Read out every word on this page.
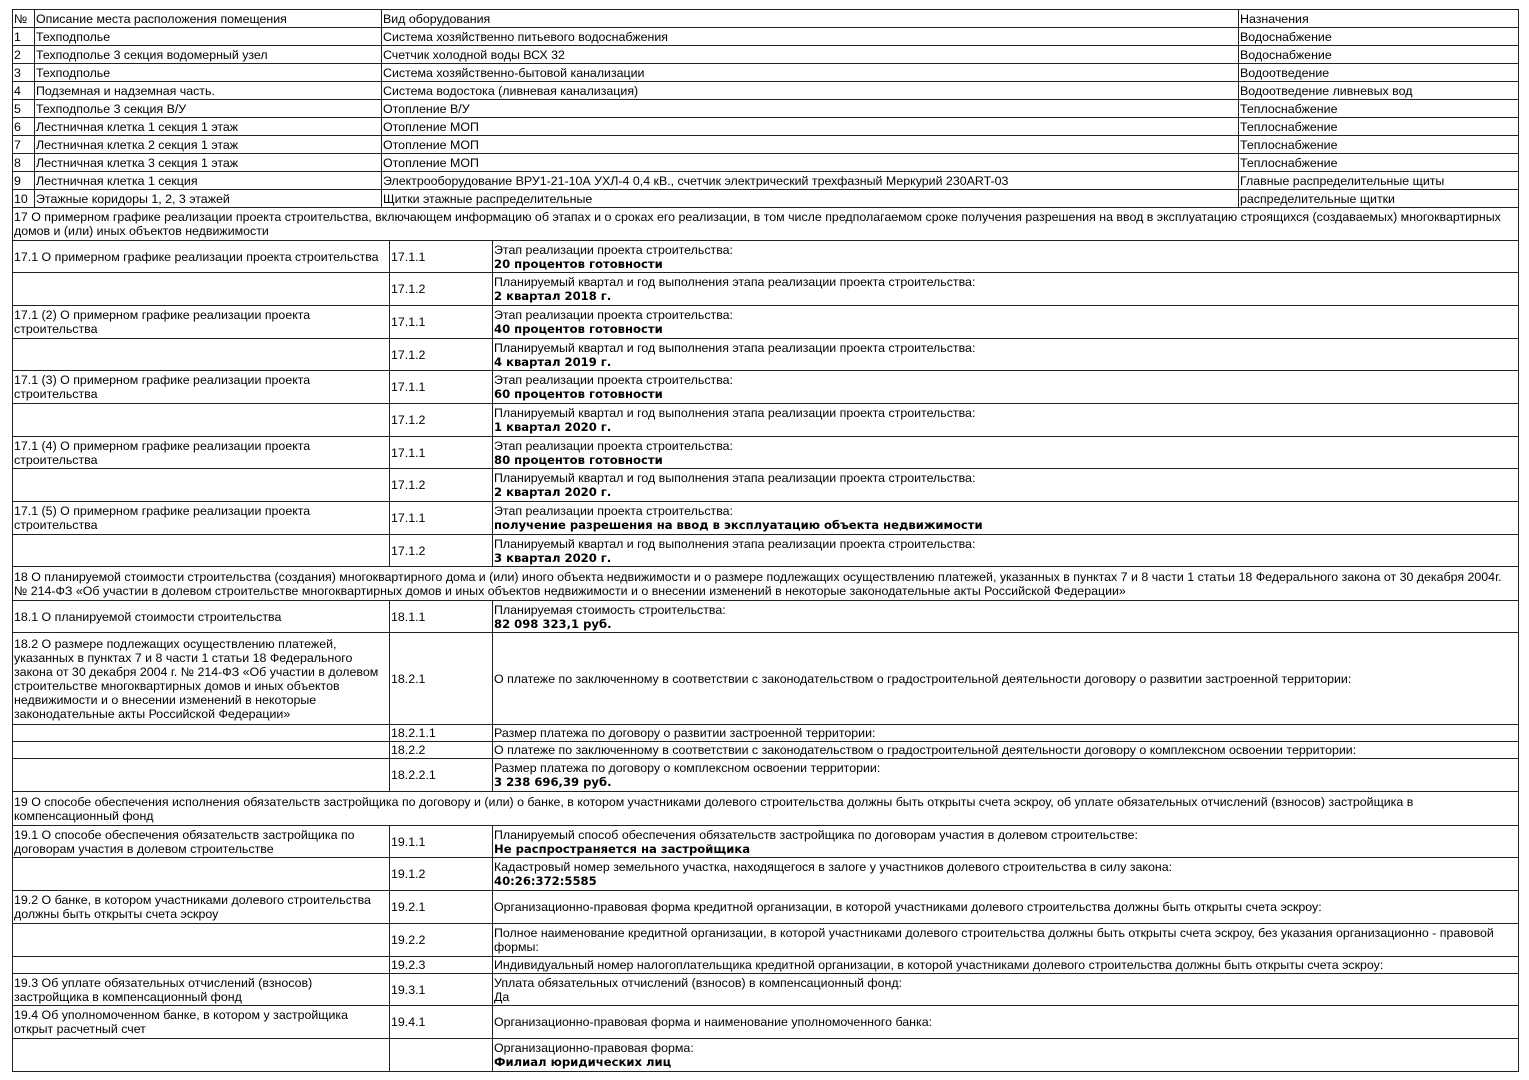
№	Описание места расположения помещения	Вид оборудования	Назначения
1	Техподполье	Система хозяйственно питьевого водоснабжения	Водоснабжение
2	Техподполье 3 секция водомерный узел	Счетчик холодной воды ВСХ 32	Водоснабжение
3	Техподполье	Система хозяйственно-бытовой канализации	Водоотведение
4	Подземная и надземная часть.	Система водостока (ливневая канализация)	Водоотведение ливневых вод
5	Техподполье 3 секция В/У	Отопление В/У	Теплоснабжение
6	Лестничная клетка 1 секция 1 этаж	Отопление МОП	Теплоснабжение
7	Лестничная клетка 2 секция 1 этаж	Отопление МОП	Теплоснабжение
8	Лестничная клетка 3 секция 1 этаж	Отопление МОП	Теплоснабжение
9	Лестничная клетка 1 секция	Электрооборудование ВРУ1-21-10А УХЛ-4 0,4 кВ., счетчик электрический трехфазный Меркурий 230ART-03	Главные распределительные щиты
10	Этажные коридоры 1, 2, 3 этажей	Щитки этажные распределительные	распределительные щитки
17 О примерном графике реализации проекта строительства, включающем информацию об этапах и о сроках его реализации, в том числе предполагаемом сроке получения разрешения на ввод в эксплуатацию строящихся (создаваемых) многоквартирных домов и (или) иных объектов недвижимости		
17.1 О примерном графике реализации проекта строительства	17.1.1	Этап реализации проекта строительства:
20 процентов готовности

	17.1.2	Планируемый квартал и год выполнения этапа реализации проекта строительства:
2 квартал 2018 г.

17.1 (2) О примерном графике реализации проекта строительства	17.1.1	Этап реализации проекта строительства:
40 процентов готовности

	17.1.2	Планируемый квартал и год выполнения этапа реализации проекта строительства:
4 квартал 2019 г.

17.1 (3) О примерном графике реализации проекта строительства	17.1.1	Этап реализации проекта строительства:
60 процентов готовности

	17.1.2	Планируемый квартал и год выполнения этапа реализации проекта строительства:
1 квартал 2020 г.

17.1 (4) О примерном графике реализации проекта строительства	17.1.1	Этап реализации проекта строительства:
80 процентов готовности

	17.1.2	Планируемый квартал и год выполнения этапа реализации проекта строительства:
2 квартал 2020 г.

17.1 (5) О примерном графике реализации проекта строительства	17.1.1	Этап реализации проекта строительства:
получение разрешения на ввод в эксплуатацию объекта недвижимости

	17.1.2	Планируемый квартал и год выполнения этапа реализации проекта строительства:
3 квартал 2020 г.

18 О планируемой стоимости строительства (создания) многоквартирного дома и (или) иного объекта недвижимости и о размере подлежащих осуществлению платежей, указанных в пунктах 7 и 8 части 1 статьи 18 Федерального закона от 30 декабря 2004г. № 214-ФЗ «Об участии в долевом строительстве многоквартирных домов и иных объектов недвижимости и о внесении изменений в некоторые законодательные акты Российской Федерации»		
18.1 О планируемой стоимости строительства	18.1.1	Планируемая стоимость строительства:
82 098 323,1 руб.

18.2 О размере подлежащих осуществлению платежей, указанных в пунктах 7 и 8 части 1 статьи 18 Федерального закона от 30 декабря 2004 г. № 214-ФЗ «Об участии в долевом строительстве многоквартирных домов и иных объектов недвижимости и о внесении изменений в некоторые законодательные акты Российской Федерации»	18.2.1	О платеже по заключенному в соответствии с законодательством о градостроительной деятельности договору о развитии застроенной территории:

	18.2.1.1	Размер платежа по договору о развитии застроенной территории:

	18.2.2	О платеже по заключенному в соответствии с законодательством о градостроительной деятельности договору о комплексном освоении территории:

	18.2.2.1	Размер платежа по договору о комплексном освоении территории:
3 238 696,39 руб.

19 О способе обеспечения исполнения обязательств застройщика по договору и (или) о банке, в котором участниками долевого строительства должны быть открыты счета эскроу, об уплате обязательных отчислений (взносов) застройщика в компенсационный фонд		
19.1 О способе обеспечения обязательств застройщика по договорам участия в долевом строительстве	19.1.1	Планируемый способ обеспечения обязательств застройщика по договорам участия в долевом строительстве:
Не распространяется на застройщика

	19.1.2	Кадастровый номер земельного участка, находящегося в залоге у участников долевого строительства в силу закона:
40:26:372:5585

19.2 О банке, в котором участниками долевого строительства должны быть открыты счета эскроу	19.2.1	Организационно-правовая форма кредитной организации, в которой участниками долевого строительства должны быть открыты счета эскроу:

	19.2.2	Полное наименование кредитной организации, в которой участниками долевого строительства должны быть открыты счета эскроу, без указания организационно - правовой формы:

	19.2.3	Индивидуальный номер налогоплательщика кредитной организации, в которой участниками долевого строительства должны быть открыты счета эскроу:

19.3 Об уплате обязательных отчислений (взносов) застройщика в компенсационный фонд	19.3.1	Уплата обязательных отчислений (взносов) в компенсационный фонд:
Да

19.4 Об уполномоченном банке, в котором у застройщика открыт расчетный счет	19.4.1	Организационно-правовая форма и наименование уполномоченного банка:

		Организационно-правовая форма:
Филиал юридических лиц
